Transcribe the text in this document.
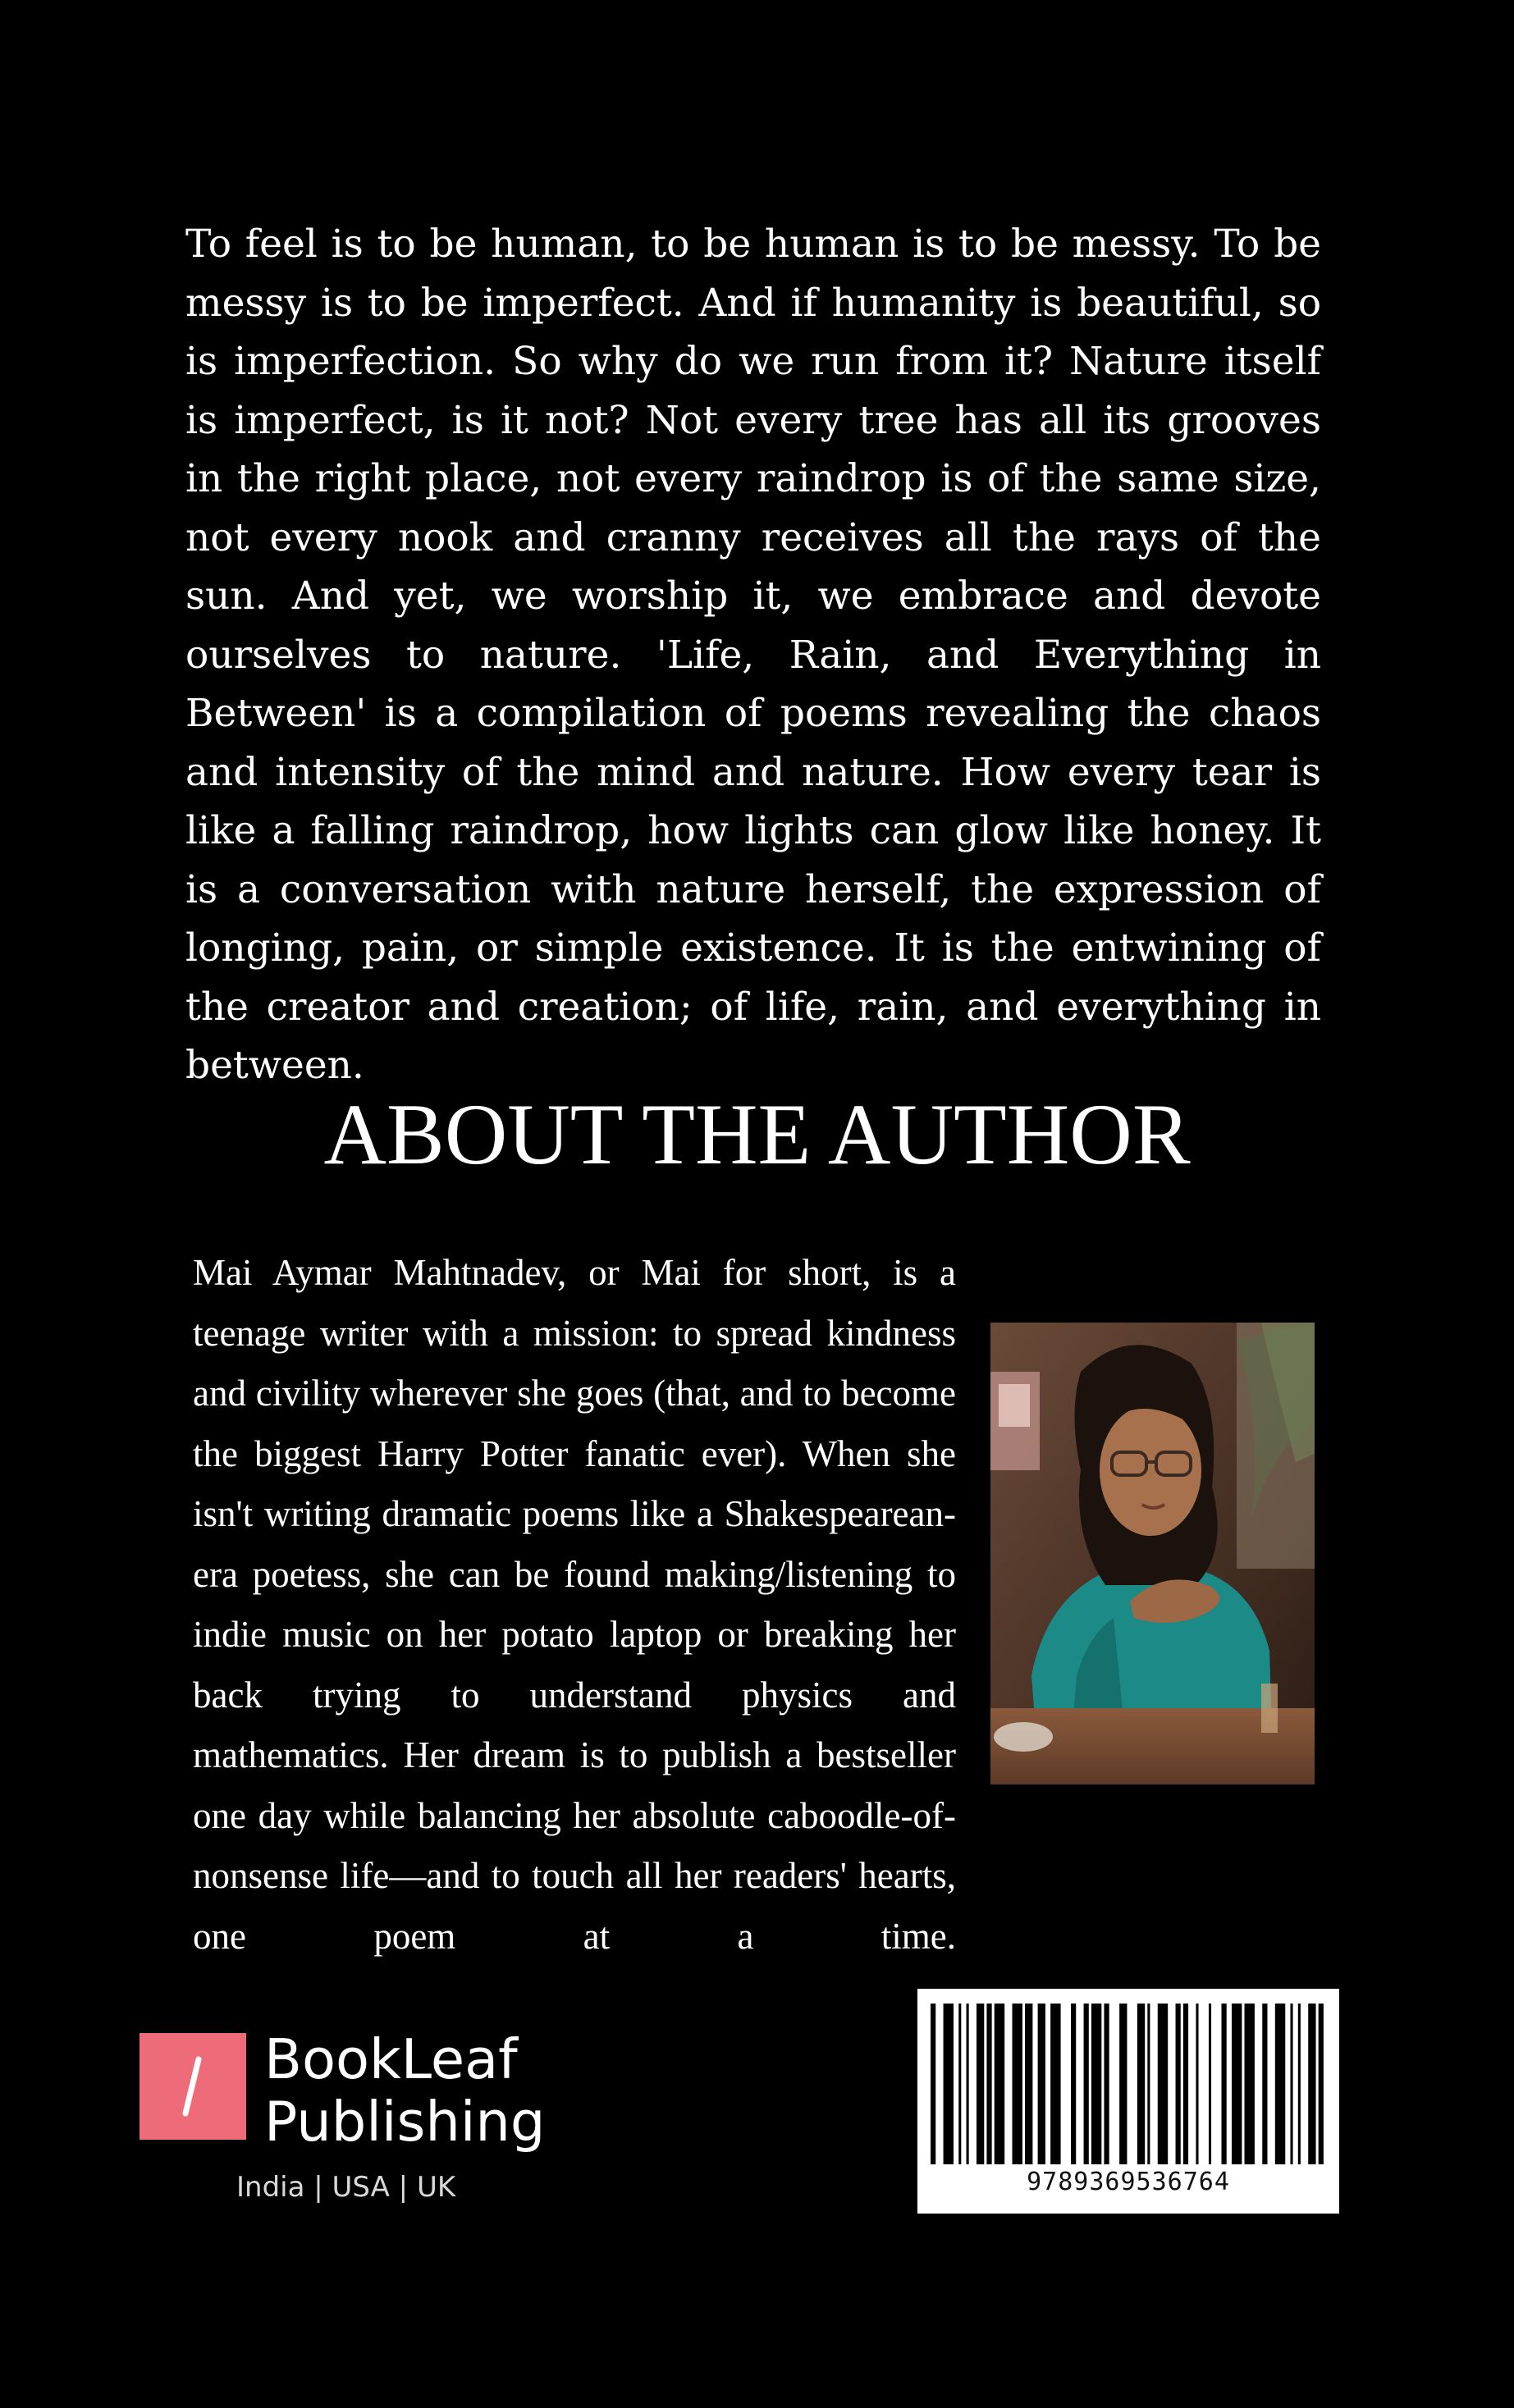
To feel is to be human, to be human is to be messy. To be messy is to be imperfect. And if humanity is beautiful, so is imperfection. So why do we run from it? Nature itself is imperfect, is it not? Not every tree has all its grooves in the right place, not every raindrop is of the same size, not every nook and cranny receives all the rays of the sun. And yet, we worship it, we embrace and devote ourselves to nature. 'Life, Rain, and Everything in Between' is a compilation of poems revealing the chaos and intensity of the mind and nature. How every tear is like a falling raindrop, how lights can glow like honey. It is a conversation with nature herself, the expression of longing, pain, or simple existence. It is the entwining of the creator and creation; of life, rain, and everything in between.

ABOUT THE AUTHOR

Mai Aymar Mahtnadev, or Mai for short, is a teenage writer with a mission: to spread kindness and civility wherever she goes (that, and to become the biggest Harry Potter fanatic ever). When she isn't writing dramatic poems like a Shakespearean-era poetess, she can be found making/listening to indie music on her potato laptop or breaking her back trying to understand physics and mathematics. Her dream is to publish a bestseller one day while balancing her absolute caboodle-of-nonsense life—and to touch all her readers' hearts, one poem at a time.

BookLeaf
Publishing
India | USA | UK	9789369536764
